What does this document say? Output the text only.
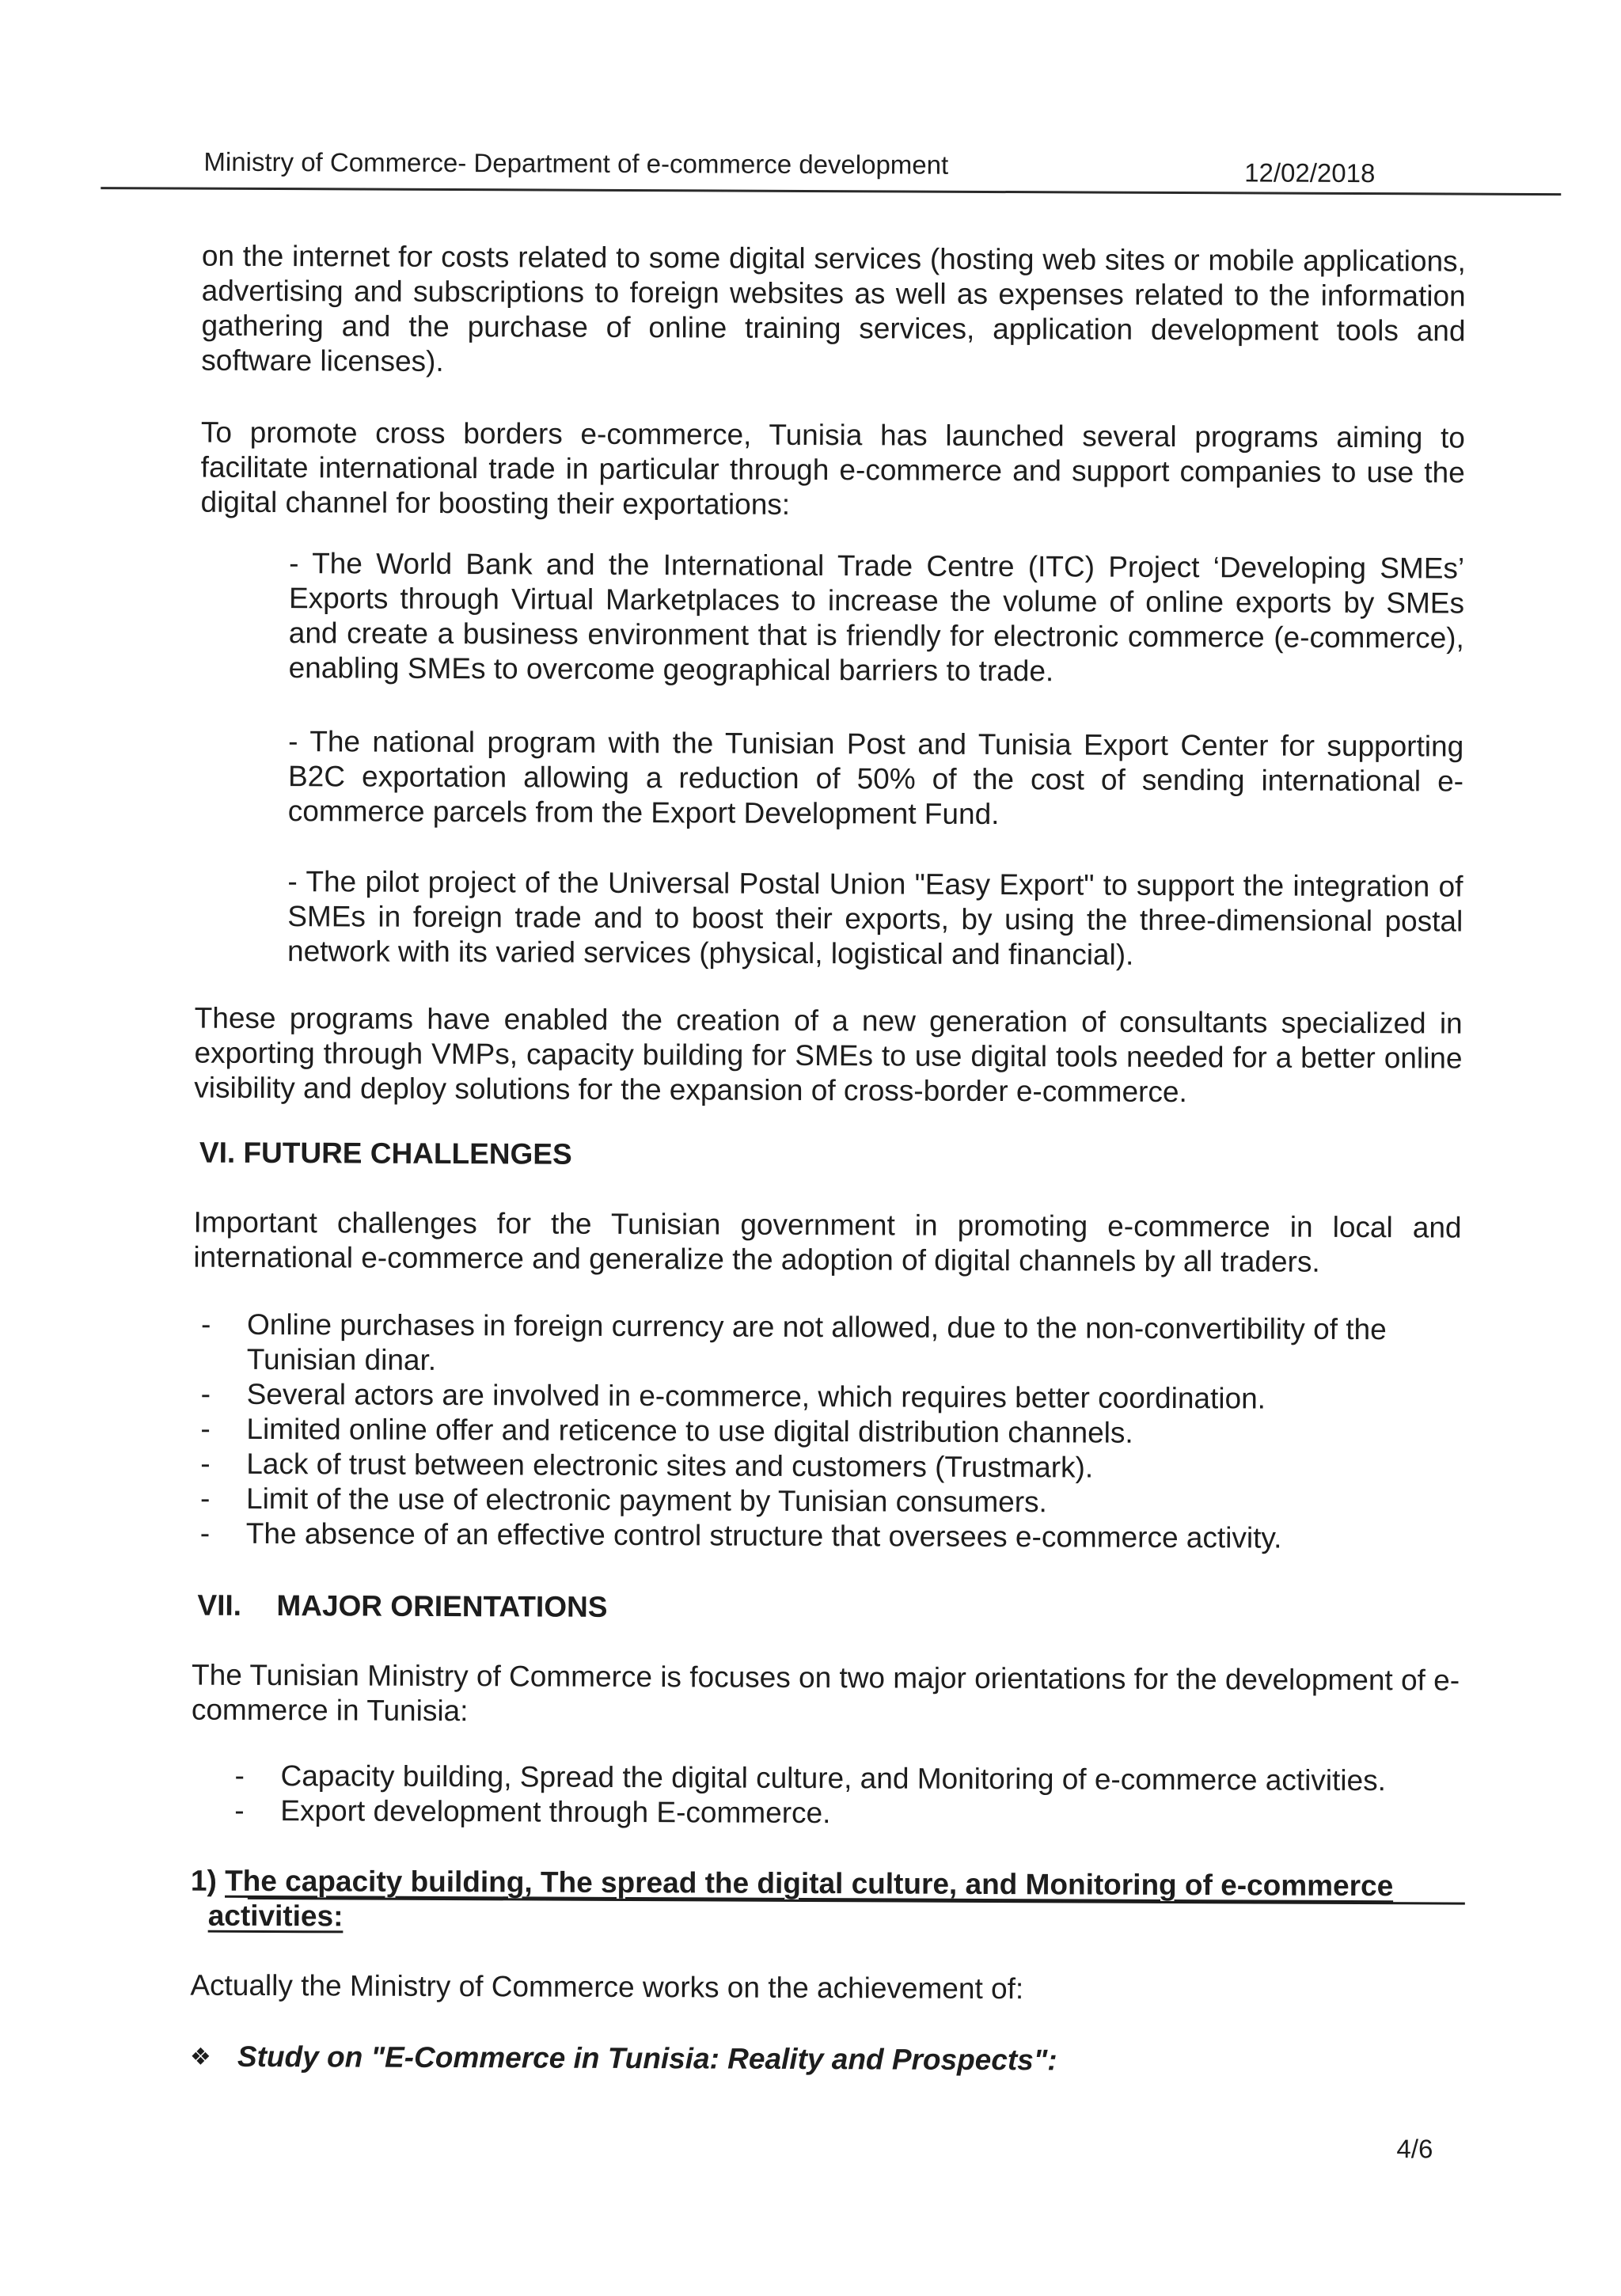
Ministry of Commerce- Department of e-commerce development	12/02/2018

on the internet for costs related to some digital services (hosting web sites or mobile applications, advertising and subscriptions to foreign websites as well as expenses related to the information gathering and the purchase of online training services, application development tools and software licenses).

To promote cross borders e-commerce, Tunisia has launched several programs aiming to facilitate international trade in particular through e-commerce and support companies to use the digital channel for boosting their exportations:

- The World Bank and the International Trade Centre (ITC) Project ‘Developing SMEs’ Exports through Virtual Marketplaces to increase the volume of online exports by SMEs and create a business environment that is friendly for electronic commerce (e-commerce), enabling SMEs to overcome geographical barriers to trade.

- The national program with the Tunisian Post and Tunisia Export Center for supporting B2C exportation allowing a reduction of 50% of the cost of sending international e-commerce parcels from the Export Development Fund.

- The pilot project of the Universal Postal Union "Easy Export" to support the integration of SMEs in foreign trade and to boost their exports, by using the three-dimensional postal network with its varied services (physical, logistical and financial).

These programs have enabled the creation of a new generation of consultants specialized in exporting through VMPs, capacity building for SMEs to use digital tools needed for a better online visibility and deploy solutions for the expansion of cross-border e-commerce.

VI. FUTURE CHALLENGES

Important challenges for the Tunisian government in promoting e-commerce in local and international e-commerce and generalize the adoption of digital channels by all traders.

- Online purchases in foreign currency are not allowed, due to the non-convertibility of the Tunisian dinar.
- Several actors are involved in e-commerce, which requires better coordination.
- Limited online offer and reticence to use digital distribution channels.
- Lack of trust between electronic sites and customers (Trustmark).
- Limit of the use of electronic payment by Tunisian consumers.
- The absence of an effective control structure that oversees e-commerce activity.
VII. MAJOR ORIENTATIONS

The Tunisian Ministry of Commerce is focuses on two major orientations for the development of e-commerce in Tunisia:

- Capacity building, Spread the digital culture, and Monitoring of e-commerce activities.
- Export development through E-commerce.
1) The capacity building, The spread the digital culture, and Monitoring of e-commerce
activities:

Actually the Ministry of Commerce works on the achievement of:

❖ Study on "E-Commerce in Tunisia: Reality and Prospects":
4/6
